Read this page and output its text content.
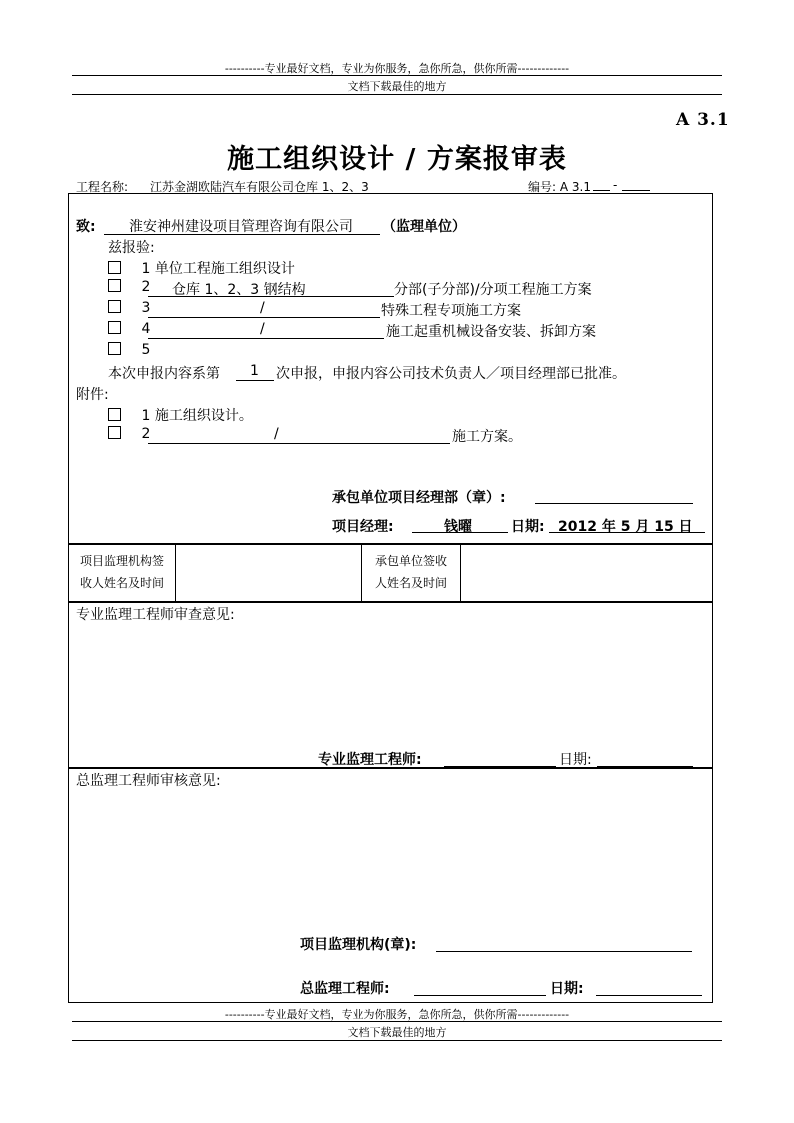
----------专业最好文档，专业为你服务，急你所急，供你所需-------------
文档下载最佳的地方
A 3.1
施工组织设计 / 方案报审表
工程名称: 江苏金湖欧陆汽车有限公司仓库 1、2、3	编号: A 3.1 -
致: 淮安神州建设项目管理咨询有限公司 （监理单位）
兹报验:
1 单位工程施工组织设计
2 仓库 1、2、3 钢结构	分部(子分部)/分项工程施工方案
3	/	特殊工程专项施工方案
4	/	施工起重机械设备安装、拆卸方案
5
本次申报内容系第 1 次申报，申报内容公司技术负责人／项目经理部已批准。
附件:
1 施工组织设计。
2	/	施工方案。
承包单位项目经理部（章）:
项目经理:	钱曜	日期: 2012 年 5 月 15 日
项目监理机构签
收人姓名及时间
承包单位签收
人姓名及时间
专业监理工程师审查意见:
专业监理工程师:	日期:
总监理工程师审核意见:
项目监理机构(章):
总监理工程师:	日期:
----------专业最好文档，专业为你服务，急你所急，供你所需-------------
文档下载最佳的地方
